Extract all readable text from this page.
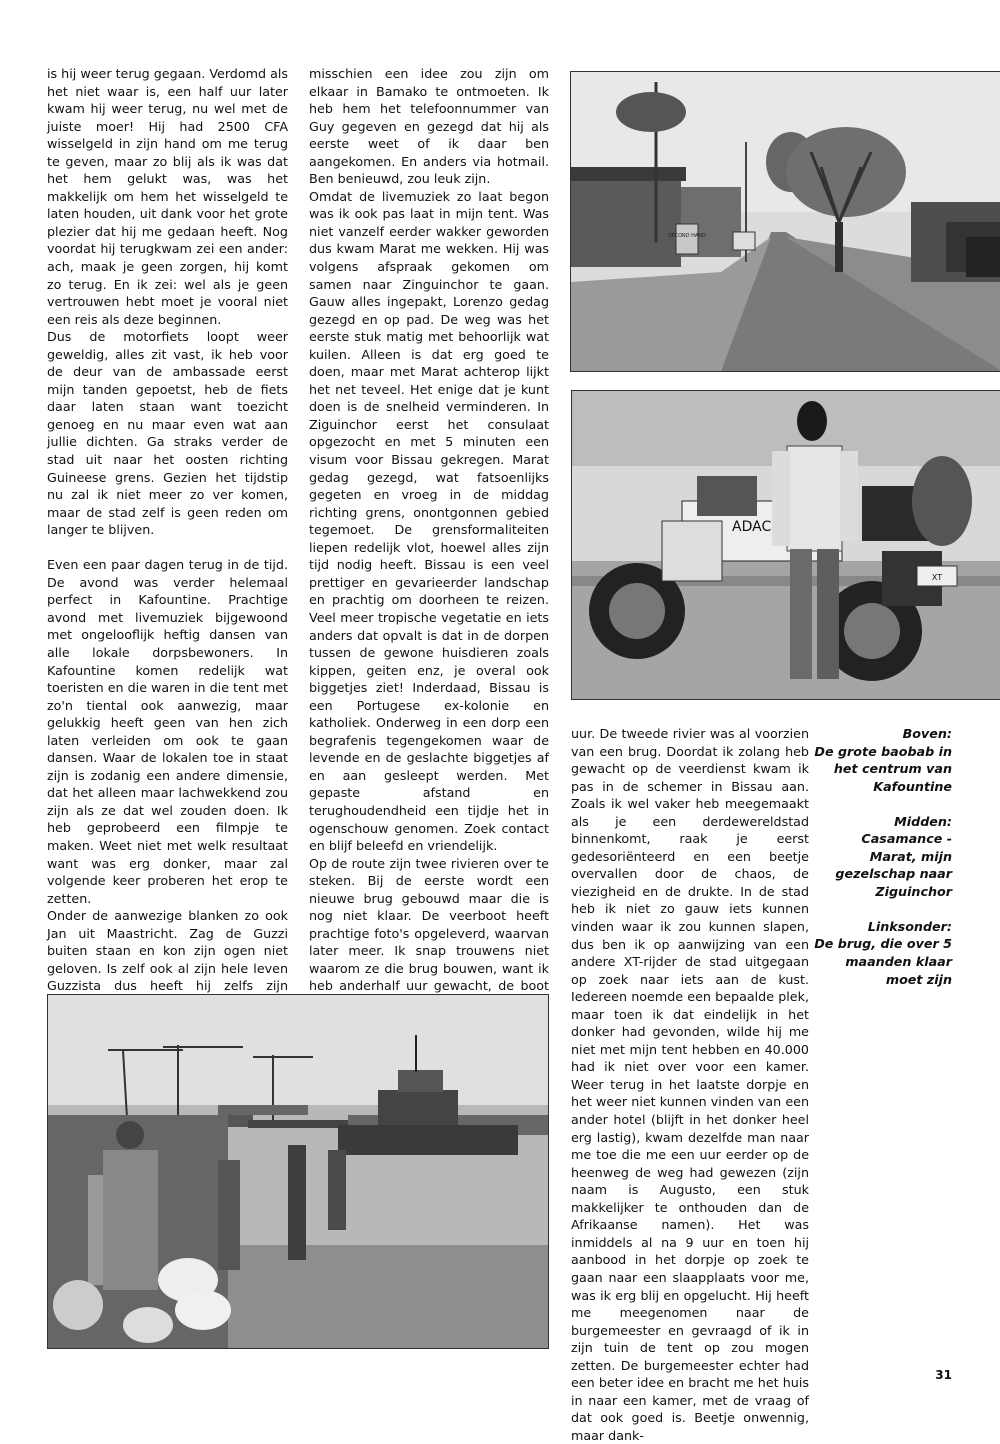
is hij weer terug gegaan. Verdomd als het niet waar is, een half uur later kwam hij weer terug, nu wel met de juiste moer! Hij had 2500 CFA wisselgeld in zijn hand om me terug te geven, maar zo blij als ik was dat het hem gelukt was, was het makkelijk om hem het wisselgeld te laten houden, uit dank voor het grote plezier dat hij me gedaan heeft. Nog voordat hij terugkwam zei een ander: ach, maak je geen zorgen, hij komt zo terug. En ik zei: wel als je geen vertrouwen hebt moet je vooral niet een reis als deze beginnen.

Dus de motorfiets loopt weer geweldig, alles zit vast, ik heb voor de deur van de ambassade eerst mijn tanden gepoetst, heb de fiets daar laten staan want toezicht genoeg en nu maar even wat aan jullie dichten. Ga straks verder de stad uit naar het oosten richting Guineese grens. Gezien het tijdstip nu zal ik niet meer zo ver komen, maar de stad zelf is geen reden om langer te blijven.

Even een paar dagen terug in de tijd. De avond was verder helemaal perfect in Kafountine. Prachtige avond met livemuziek bijgewoond met ongelooflijk heftig dansen van alle lokale dorpsbewoners. In Kafountine komen redelijk wat toeristen en die waren in die tent met zo'n tiental ook aanwezig, maar gelukkig heeft geen van hen zich laten verleiden om ook te gaan dansen. Waar de lokalen toe in staat zijn is zodanig een andere dimensie, dat het alleen maar lachwekkend zou zijn als ze dat wel zouden doen. Ik heb geprobeerd een filmpje te maken. Weet niet met welk resultaat want was erg donker, maar zal volgende keer proberen het erop te zetten.

Onder de aanwezige blanken zo ook Jan uit Maastricht. Zag de Guzzi buiten staan en kon zijn ogen niet geloven. Is zelf ook al zijn hele leven Guzzista dus heeft hij zelfs zijn

misschien een idee zou zijn om elkaar in Bamako te ontmoeten. Ik heb hem het telefoonnummer van Guy gegeven en gezegd dat hij als eerste weet of ik daar ben aangekomen. En anders via hotmail. Ben benieuwd, zou leuk zijn.

Omdat de livemuziek zo laat begon was ik ook pas laat in mijn tent. Was niet vanzelf eerder wakker geworden dus kwam Marat me wekken. Hij was volgens afspraak gekomen om samen naar Zinguinchor te gaan. Gauw alles ingepakt, Lorenzo gedag gezegd en op pad. De weg was het eerste stuk matig met behoorlijk wat kuilen. Alleen is dat erg goed te doen, maar met Marat achterop lijkt het net teveel. Het enige dat je kunt doen is de snelheid verminderen. In Ziguinchor eerst het consulaat opgezocht en met 5 minuten een visum voor Bissau gekregen. Marat gedag gezegd, wat fatsoenlijks gegeten en vroeg in de middag richting grens, onontgonnen gebied tegemoet. De grensformaliteiten liepen redelijk vlot, hoewel alles zijn tijd nodig heeft. Bissau is een veel prettiger en gevarieerder landschap en prachtig om doorheen te reizen. Veel meer tropische vegetatie en iets anders dat opvalt is dat in de dorpen tussen de gewone huisdieren zoals kippen, geiten enz, je overal ook biggetjes ziet! Inderdaad, Bissau is een Portugese ex-kolonie en katholiek. Onderweg in een dorp een begrafenis tegengekomen waar de levende en de geslachte biggetjes af en aan gesleept werden. Met gepaste afstand en terughoudendheid een tijdje het in ogenschouw genomen. Zoek contact en blijf beleefd en vriendelijk.

Op de route zijn twee rivieren over te steken. Bij de eerste wordt een nieuwe brug gebouwd maar die is nog niet klaar. De veerboot heeft prachtige foto's opgeleverd, waarvan later meer. Ik snap trouwens niet waarom ze die brug bouwen, want ik heb anderhalf uur gewacht, de boot

uur. De tweede rivier was al voorzien van een brug. Doordat ik zolang heb gewacht op de veerdienst kwam ik pas in de schemer in Bissau aan. Zoals ik wel vaker heb meegemaakt als je een derdewereldstad binnenkomt, raak je eerst gedesoriënteerd en een beetje overvallen door de chaos, de viezigheid en de drukte. In de stad heb ik niet zo gauw iets kunnen vinden waar ik zou kunnen slapen, dus ben ik op aanwijzing van een andere XT-rijder de stad uitgegaan op zoek naar iets aan de kust. Iedereen noemde een bepaalde plek, maar toen ik dat eindelijk in het donker had gevonden, wilde hij me niet met mijn tent hebben en 40.000 had ik niet over voor een kamer. Weer terug in het laatste dorpje en het weer niet kunnen vinden van een ander hotel (blijft in het donker heel erg lastig), kwam dezelfde man naar me toe die me een uur eerder op de heenweg de weg had gewezen (zijn naam is Augusto, een stuk makkelijker te onthouden dan de Afrikaanse namen). Het was inmiddels al na 9 uur en toen hij aanbood in het dorpje op zoek te gaan naar een slaapplaats voor me, was ik erg blij en opgelucht. Hij heeft me meegenomen naar de burgemeester en gevraagd of ik in zijn tuin de tent op zou mogen zetten. De burgemeester echter had een beter idee en bracht me het huis in naar een kamer, met de vraag of dat ook goed is. Beetje onwennig, maar dank-

SECOND HAND
ADAC
XT

Boven:
De grote baobab in het centrum van Kafountine

Midden:
Casamance - Marat, mijn gezelschap naar Ziguinchor

Linksonder:
De brug, die over 5 maanden klaar moet zijn

31
